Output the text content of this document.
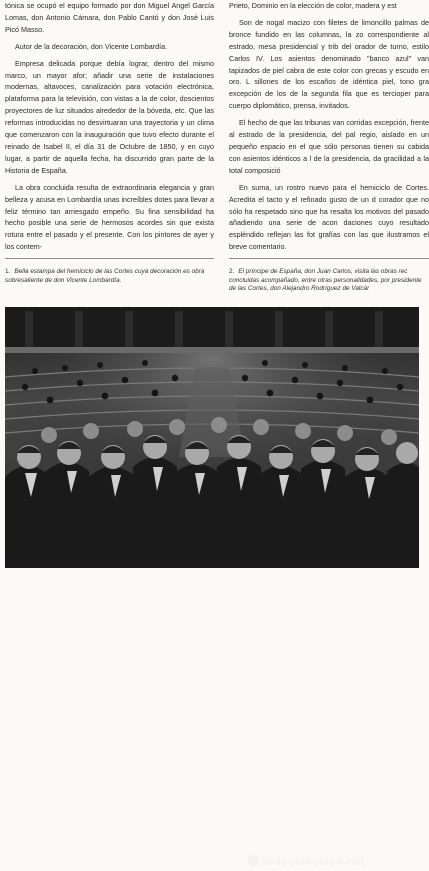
tónica se ocupó el equipo formado por don Miguel Angel García Lomas, don Antonio Cámara, don Pablo Cantó y don José Luis Picó Masso.

Autor de la decoración, don Vicente Lombardía.

Empresa delicada porque debía lograr, dentro del mismo marco, un mayor afor; añadir una serie de instalaciones modernas, altavoces, canalización para votación electrónica, plataforma para la televisión, con vistas a la de color, doscientos proyectores de luz situados alrededor de la bóveda, etc. Que las reformas introducidas no desvirtuaran una trayectoria y un clima que comenzaron con la inauguración que tuvo efecto durante el reinado de Isabel II, el día 31 de Octubre de 1850, y en cuyo lugar, a partir de aquella fecha, ha discurrido gran parte de la Historia de España.

La obra concluida resulta de extraordinaria elegancia y gran belleza y acusa en Lombardía unas increíbles dotes para llevar a feliz término tan arriesgado empeño. Su fina sensibilidad ha hecho posible una serie de hermosos acordes sin que exista rotura entre el pasado y el presente. Con los pintores de ayer y los contem-

Prieto, Dominio en la elección de color, madera y est

Son de nogal macizo con filetes de limoncillo palmas de bronce fundido en las columnas, la zo correspondiente al estrado, mesa presidencial y trib del orador de turno, estilo Carlos IV. Los asientos denominado "banco azul" van tapizados de piel cabra de este color con grecas y escudo en oro. L sillones de los escaños de idéntica piel, tono gra excepción de los de la segunda fila que es tercioper para cuerpo diplomático, prensa, invitados.

El hecho de que las tribunas van corridas excepción, frente al estrado de la presidencia, del pal regio, aislado en un pequeño espacio en el que sólo personas tienen su cabida con asientos idénticos a l de la presidencia, da gracilidad a la total composició

En suma, un rostro nuevo para el hemiciclo de Cortes. Acredita el tacto y el refinado gusto de un d corador que no sólo ha respetado sino que ha resalta los motivos del pasado añadiendo una serie de acon daciones cuyo resultado espléndido reflejan las fot grafías con las que ilustramos el breve comentario.

1. Bella estampa del hemiciclo de las Cortes cuya decoración es obra sobresaliente de don Vicente Lombardía.
2. El príncipe de España, don Juan Carlos, visita las obras rec concluidas acompañado, entre otras personalidades, por presidente de las Cortes, don Alejandro Rodríguez de Valcár
todocoleccion.net
